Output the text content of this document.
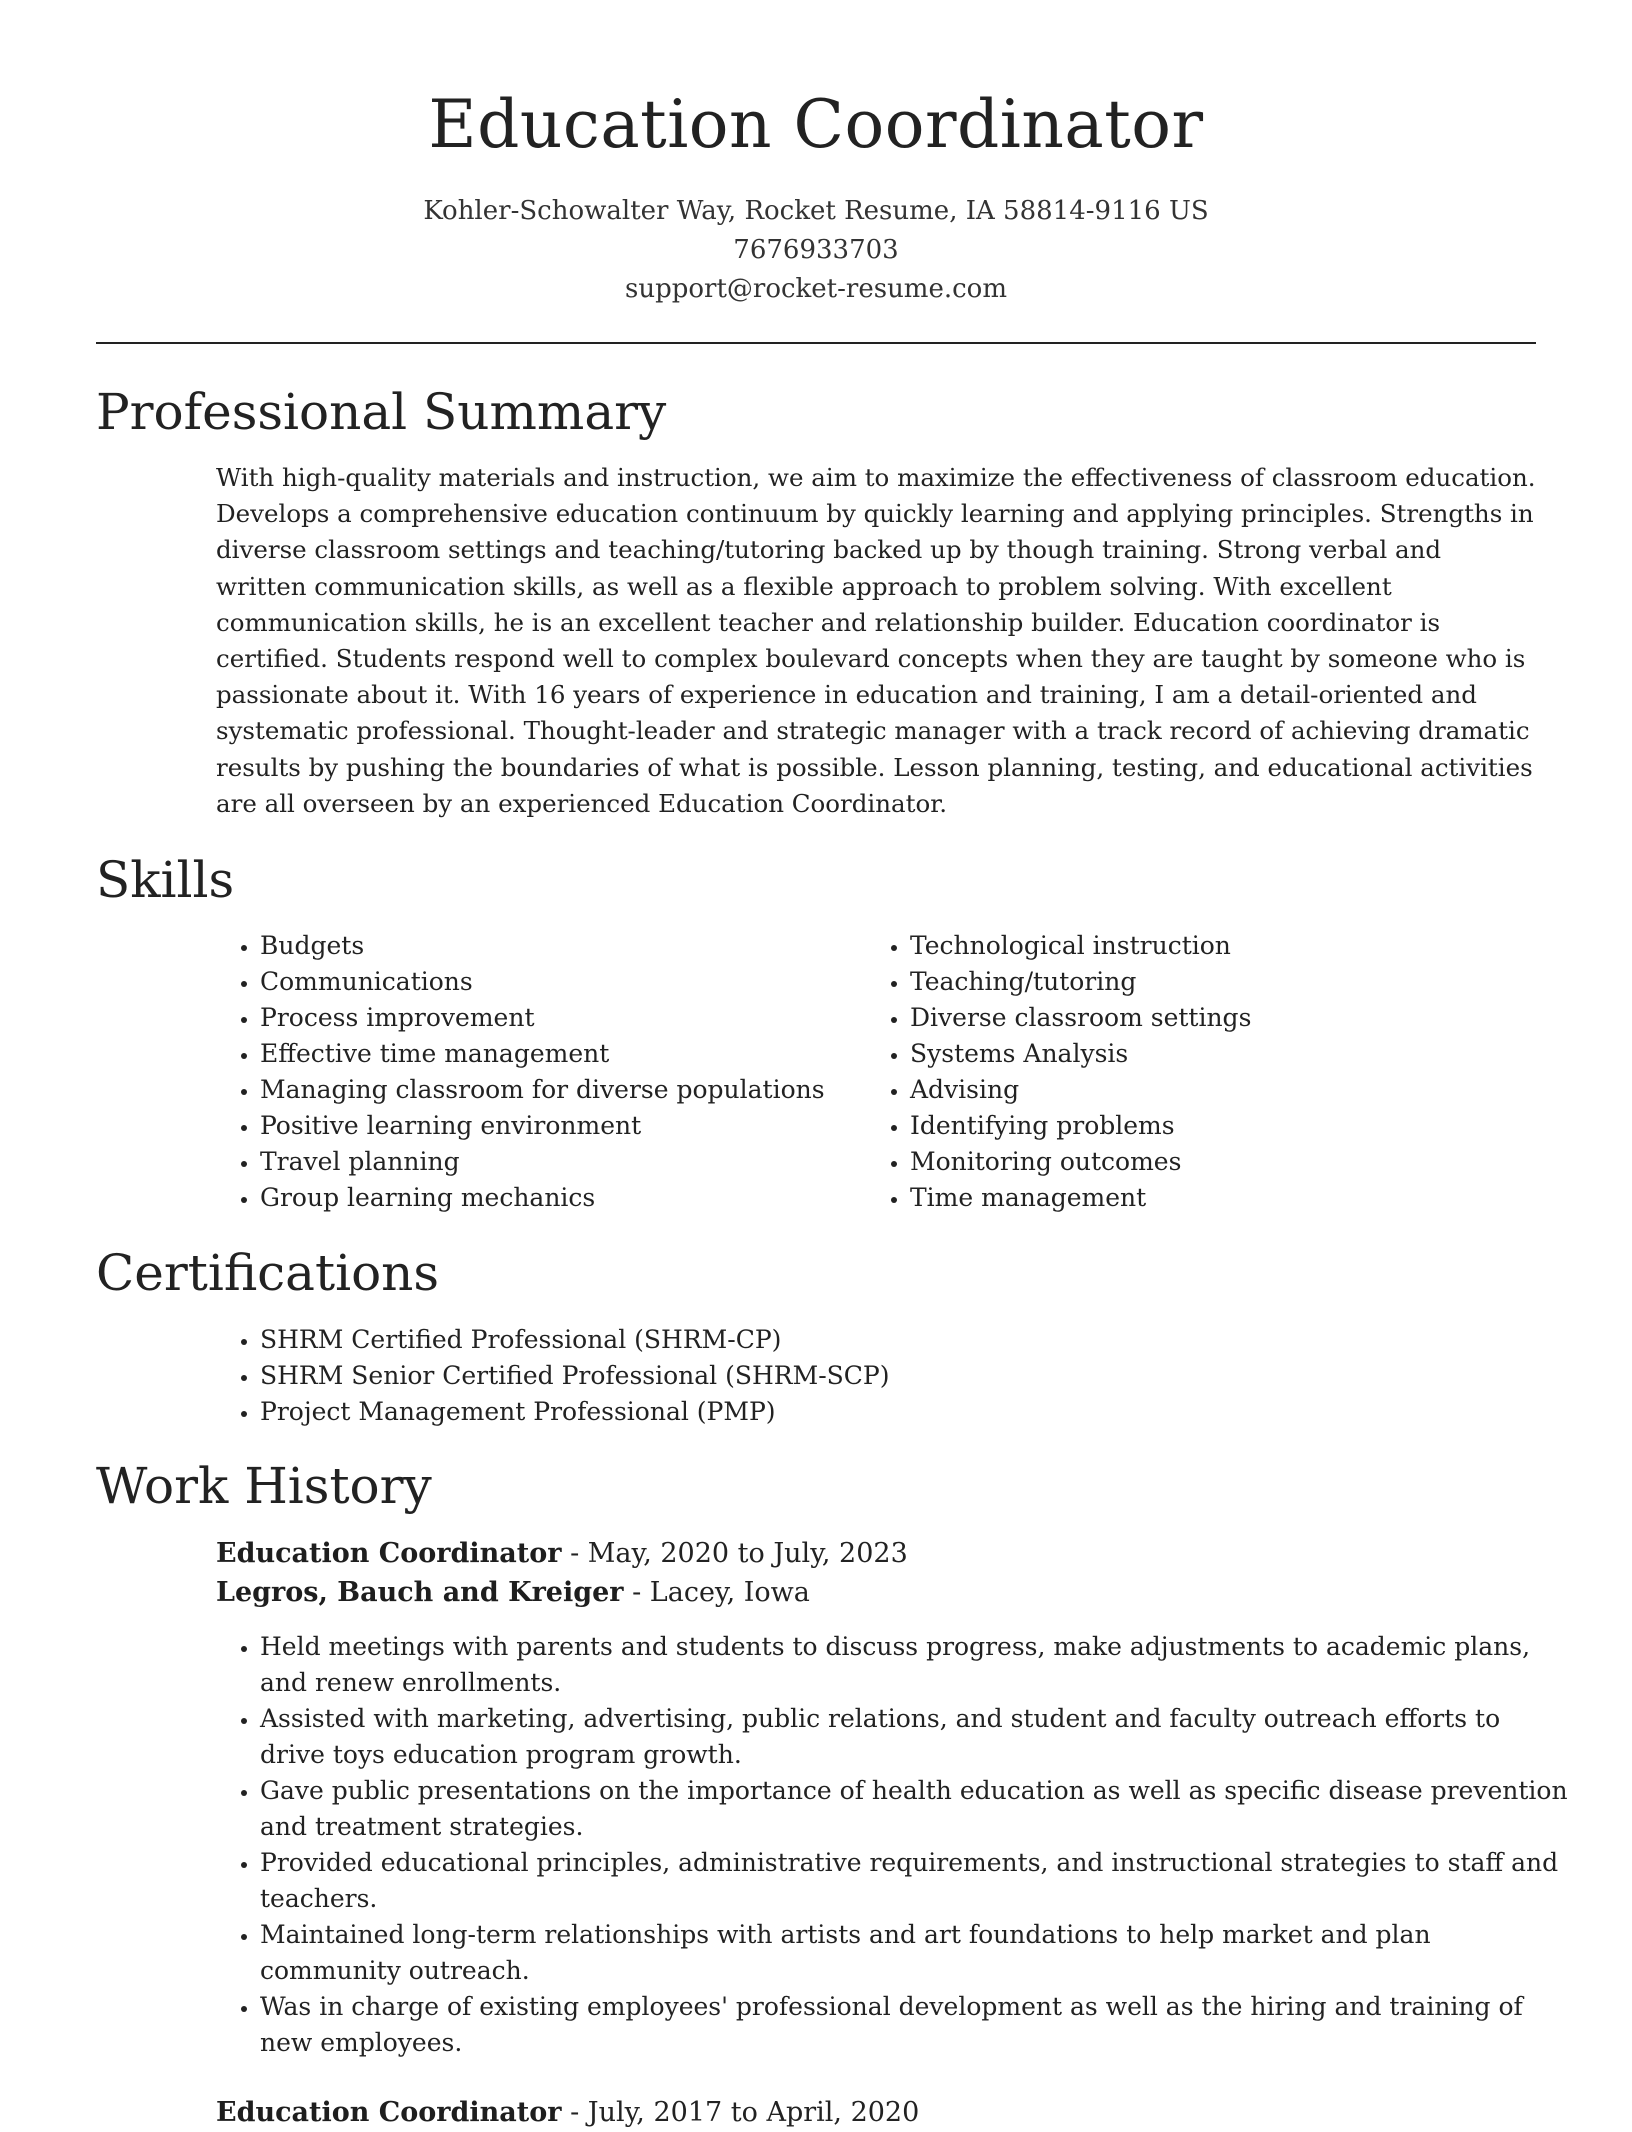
Education Coordinator
Kohler-Schowalter Way, Rocket Resume, IA 58814-9116 US
7676933703
support@rocket-resume.com
Professional Summary

With high-quality materials and instruction, we aim to maximize the effectiveness of classroom education. Develops a comprehensive education continuum by quickly learning and applying principles. Strengths in diverse classroom settings and teaching/tutoring backed up by though training. Strong verbal and written communication skills, as well as a flexible approach to problem solving. With excellent communication skills, he is an excellent teacher and relationship builder. Education coordinator is certified. Students respond well to complex boulevard concepts when they are taught by someone who is passionate about it. With 16 years of experience in education and training, I am a detail-oriented and systematic professional. Thought-leader and strategic manager with a track record of achieving dramatic results by pushing the boundaries of what is possible. Lesson planning, testing, and educational activities are all overseen by an experienced Education Coordinator.

Skills
• Budgets
• Communications
• Process improvement
• Effective time management
• Managing classroom for diverse populations
• Positive learning environment
• Travel planning
• Group learning mechanics
• Technological instruction
• Teaching/tutoring
• Diverse classroom settings
• Systems Analysis
• Advising
• Identifying problems
• Monitoring outcomes
• Time management
Certifications
• SHRM Certified Professional (SHRM-CP)
• SHRM Senior Certified Professional (SHRM-SCP)
• Project Management Professional (PMP)
Work History
Education Coordinator - May, 2020 to July, 2023
Legros, Bauch and Kreiger - Lacey, Iowa
• Held meetings with parents and students to discuss progress, make adjustments to academic plans, and renew enrollments.
• Assisted with marketing, advertising, public relations, and student and faculty outreach efforts to drive toys education program growth.
• Gave public presentations on the importance of health education as well as specific disease prevention and treatment strategies.
• Provided educational principles, administrative requirements, and instructional strategies to staff and teachers.
• Maintained long-term relationships with artists and art foundations to help market and plan community outreach.
• Was in charge of existing employees' professional development as well as the hiring and training of new employees.
Education Coordinator - July, 2017 to April, 2020
